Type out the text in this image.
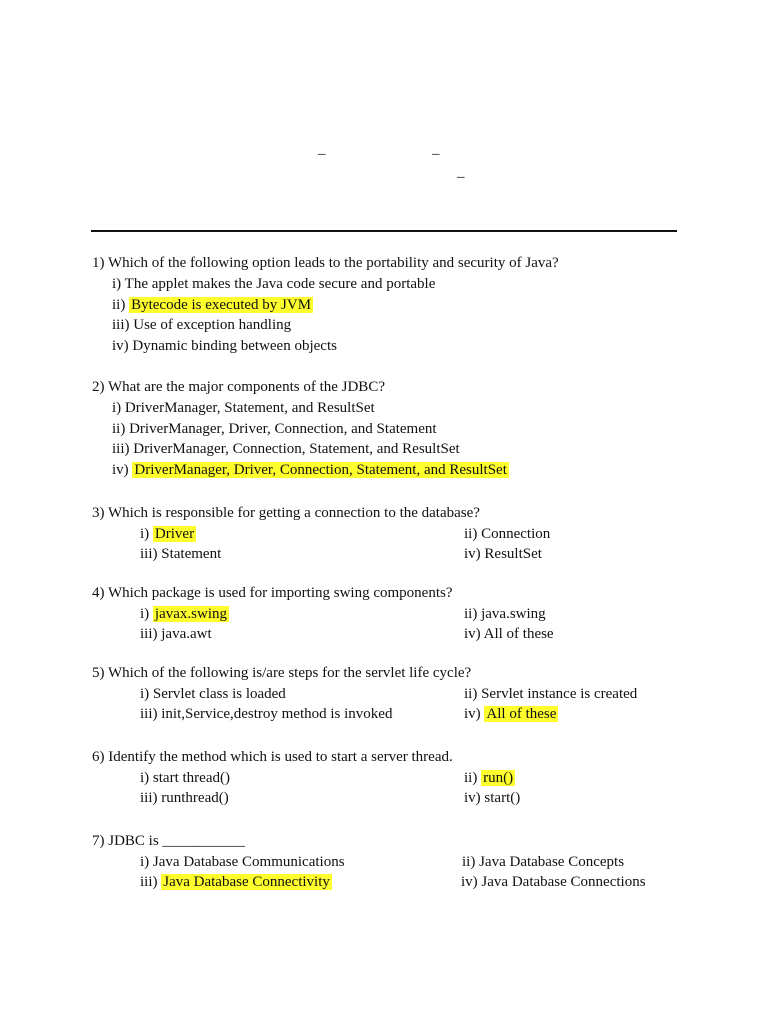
_	_
_
1) Which of the following option leads to the portability and security of Java?
i) The applet makes the Java code secure and portable
ii) Bytecode is executed by JVM
iii) Use of exception handling
iv) Dynamic binding between objects
2) What are the major components of the JDBC?
i) DriverManager, Statement, and ResultSet
ii) DriverManager, Driver, Connection, and Statement
iii) DriverManager, Connection, Statement, and ResultSet
iv) DriverManager, Driver, Connection, Statement, and ResultSet
3) Which is responsible for getting a connection to the database?
i) Driver	ii) Connection
iii) Statement	iv) ResultSet
4) Which package is used for importing swing components?
i) javax.swing	ii) java.swing
iii) java.awt	iv) All of these
5) Which of the following is/are steps for the servlet life cycle?
i) Servlet class is loaded	ii) Servlet instance is created
iii) init,Service,destroy method is invoked	iv) All of these
6) Identify the method which is used to start a server thread.
i) start thread()	ii) run()
iii) runthread()	iv) start()
7) JDBC is ___________
i) Java Database Communications	ii) Java Database Concepts
iii) Java Database Connectivity	iv) Java Database Connections
